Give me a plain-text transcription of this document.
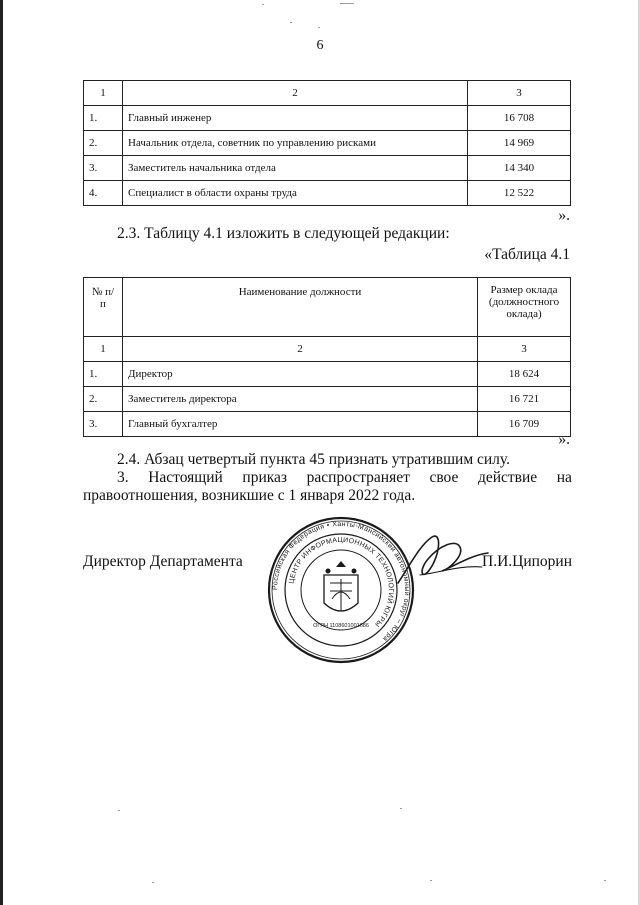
6
1	2	3
1.	Главный инженер	16 708
2.	Начальник отдела, советник по управлению рисками	14 969
3.	Заместитель начальника отдела	14 340
4.	Специалист в области охраны труда	12 522
».
2.3. Таблицу 4.1 изложить в следующей редакции:
«Таблица 4.1
№ п/п	Наименование должности	Размер оклада (должностного оклада)
1	2	3
1.	Директор	18 624
2.	Заместитель директора	16 721
3.	Главный бухгалтер	16 709
».
2.4. Абзац четвертый пункта 45 признать утратившим силу.
3. Настоящий приказ распространяет свое действие на
правоотношения, возникшие с 1 января 2022 года.
Директор Департамента	П.И.Ципорин
Российская Федерация • Ханты-Мансийский автономный округ – Югра
ЦЕНТР ИНФОРМАЦИОННЫХ ТЕХНОЛОГИЙ ЮГРЫ
ОГРН 1108601001686
